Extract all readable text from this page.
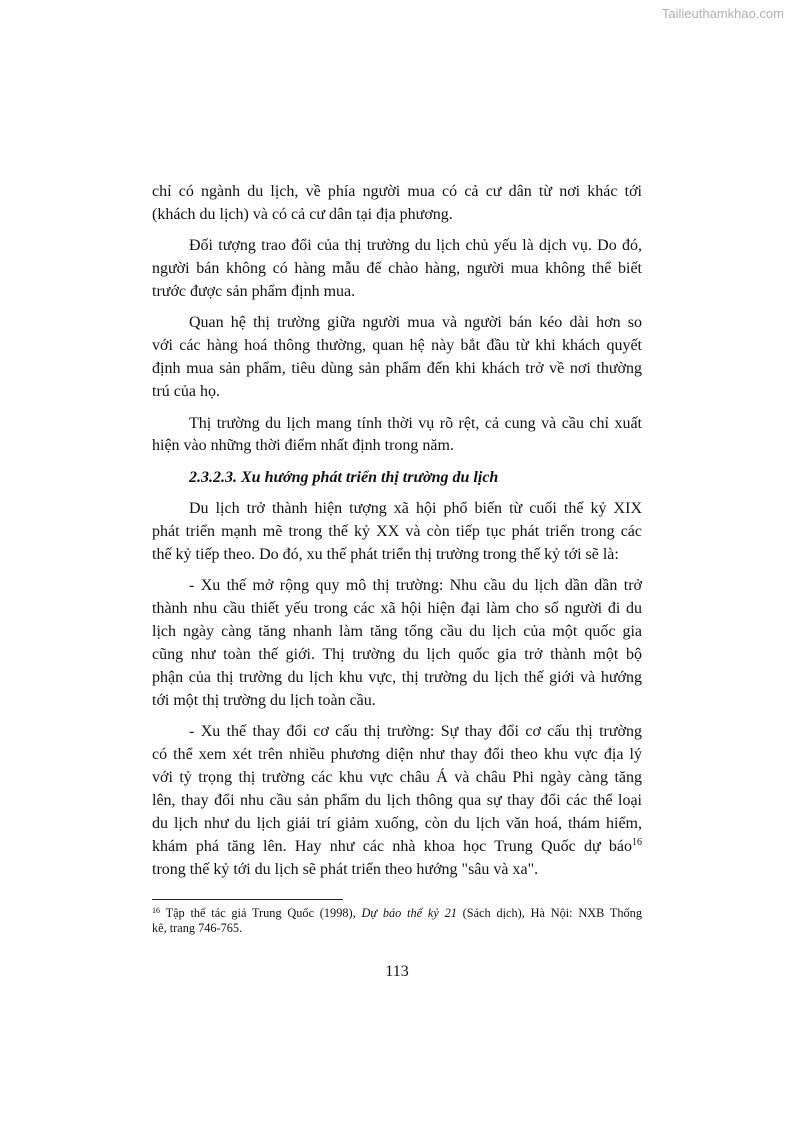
Tailieuthamkhao.com
chỉ có ngành du lịch, về phía người mua có cả cư dân từ nơi khác tới
(khách du lịch) và có cả cư dân tại địa phương.
Đối tượng trao đổi của thị trường du lịch chủ yếu là dịch vụ. Do đó,
người bán không có hàng mẫu để chào hàng, người mua không thể biết
trước được sản phẩm định mua.
Quan hệ thị trường giữa người mua và người bán kéo dài hơn so
với các hàng hoá thông thường, quan hệ này bắt đầu từ khi khách quyết
định mua sản phẩm, tiêu dùng sản phẩm đến khi khách trở về nơi thường
trú của họ.
Thị trường du lịch mang tính thời vụ rõ rệt, cả cung và cầu chỉ xuất
hiện vào những thời điểm nhất định trong năm.
2.3.2.3. Xu hướng phát triển thị trường du lịch
Du lịch trở thành hiện tượng xã hội phổ biến từ cuối thế kỷ XIX
phát triển mạnh mẽ trong thế kỷ XX và còn tiếp tục phát triển trong các
thế kỷ tiếp theo. Do đó, xu thế phát triển thị trường trong thế kỷ tới sẽ là:
- Xu thế mở rộng quy mô thị trường: Nhu cầu du lịch dần dần trở
thành nhu cầu thiết yếu trong các xã hội hiện đại làm cho số người đi du
lịch ngày càng tăng nhanh làm tăng tổng cầu du lịch của một quốc gia
cũng như toàn thế giới. Thị trường du lịch quốc gia trở thành một bộ
phận của thị trường du lịch khu vực, thị trường du lịch thế giới và hướng
tới một thị trường du lịch toàn cầu.
- Xu thế thay đổi cơ cấu thị trường: Sự thay đổi cơ cấu thị trường
có thể xem xét trên nhiều phương diện như thay đổi theo khu vực địa lý
với tỷ trọng thị trường các khu vực châu Á và châu Phi ngày càng tăng
lên, thay đổi nhu cầu sản phẩm du lịch thông qua sự thay đổi các thể loại
du lịch như du lịch giải trí giảm xuống, còn du lịch văn hoá, thám hiểm,
khám phá tăng lên. Hay như các nhà khoa học Trung Quốc dự báo$^{16}$
trong thế kỷ tới du lịch sẽ phát triển theo hướng "sâu và xa".
$^{16}$ Tập thể tác giả Trung Quốc (1998), Dự báo thế kỷ 21 (Sách dịch), Hà Nội: NXB Thống
kê, trang 746-765.
113
